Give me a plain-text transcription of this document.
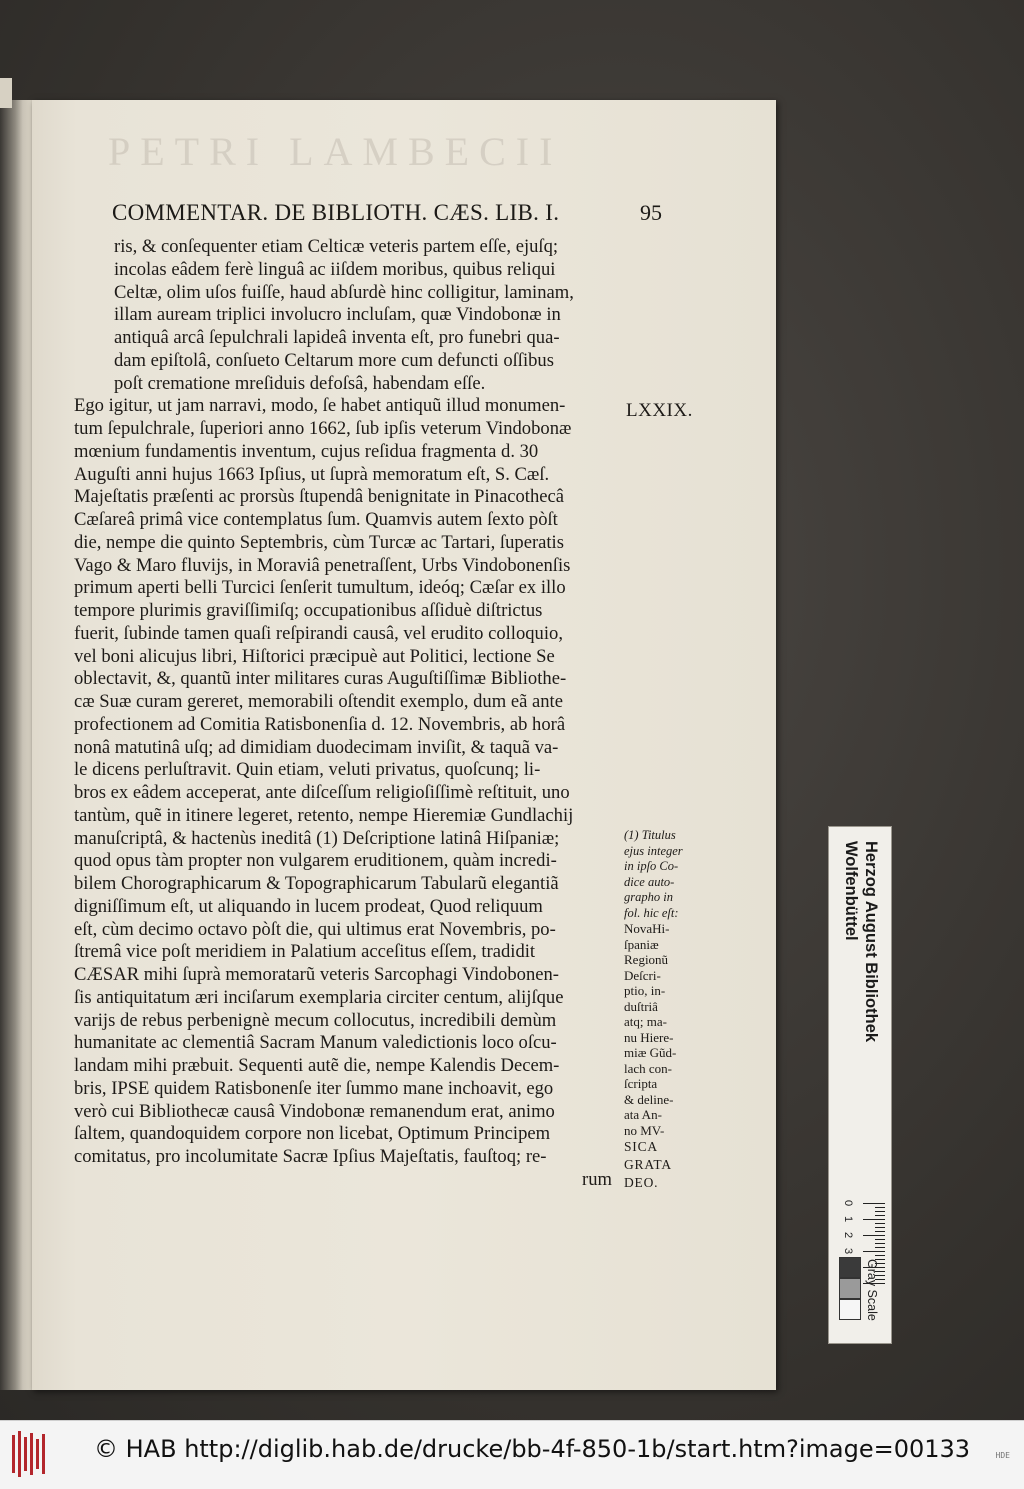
PETRI LAMBECII
COMMENTAR. DE BIBLIOTH. CÆS. LIB. I.	95
ris, & conſequenter etiam Celticæ veteris partem eſſe, ejuſq;
incolas eâdem ferè linguâ ac iiſdem moribus, quibus reliqui
Celtæ, olim uſos fuiſſe, haud abſurdè hinc colligitur, laminam,
illam auream triplici involucro incluſam, quæ Vindobonæ in
antiquâ arcâ ſepulchrali lapideâ inventa eſt, pro funebri qua-
dam epiſtolâ, conſueto Celtarum more cum defuncti oſſibus
poſt crematione mreſiduis defoſsâ, habendam eſſe.
Ego igitur, ut jam narravi, modo, ſe habet antiquũ illud monumen-
tum ſepulchrale, ſuperiori anno 1662, ſub ipſis veterum Vindobonæ
mœnium fundamentis inventum, cujus reſidua fragmenta d. 30
Auguſti anni hujus 1663 Ipſius, ut ſuprà memoratum eſt, S. Cæſ.
Majeſtatis præſenti ac prorsùs ſtupendâ benignitate in Pinacothecâ
Cæſareâ primâ vice contemplatus ſum. Quamvis autem ſexto pòſt
die, nempe die quinto Septembris, cùm Turcæ ac Tartari, ſuperatis
Vago & Maro fluvijs, in Moraviâ penetraſſent, Urbs Vindobonenſis
primum aperti belli Turcici ſenſerit tumultum, ideóq; Cæſar ex illo
tempore plurimis graviſſimiſq; occupationibus aſſiduè diſtrictus
fuerit, ſubinde tamen quaſi reſpirandi causâ, vel erudito colloquio,
vel boni alicujus libri, Hiſtorici præcipuè aut Politici, lectione Se
oblectavit, &, quantũ inter militares curas Auguſtiſſimæ Bibliothe-
cæ Suæ curam gereret, memorabili oſtendit exemplo, dum eã ante
profectionem ad Comitia Ratisbonenſia d. 12. Novembris, ab horâ
nonâ matutinâ uſq; ad dimidiam duodecimam inviſit, & taquã va-
le dicens perluſtravit. Quin etiam, veluti privatus, quoſcunq; li-
bros ex eâdem acceperat, ante diſceſſum religioſiſſimè reſtituit, uno
tantùm, quẽ in itinere legeret, retento, nempe Hieremiæ Gundlachij
manuſcriptâ, & hactenùs ineditâ (1) Deſcriptione latinâ Hiſpaniæ;
quod opus tàm propter non vulgarem eruditionem, quàm incredi-
bilem Chorographicarum & Topographicarum Tabularũ elegantiã
digniſſimum eſt, ut aliquando in lucem prodeat, Quod reliquum
eſt, cùm decimo octavo pòſt die, qui ultimus erat Novembris, po-
ſtremâ vice poſt meridiem in Palatium acceſitus eſſem, tradidit
CÆSAR mihi ſuprà memoratarũ veteris Sarcophagi Vindobonen-
ſis antiquitatum æri inciſarum exemplaria circiter centum, alijſque
varijs de rebus perbenignè mecum collocutus, incredibili demùm
humanitate ac clementiâ Sacram Manum valedictionis loco oſcu-
landam mihi præbuit. Sequenti autẽ die, nempe Kalendis Decem-
bris, IPSE quidem Ratisbonenſe iter ſummo mane inchoavit, ego
verò cui Bibliothecæ causâ Vindobonæ remanendum erat, animo
ſaltem, quandoquidem corpore non licebat, Optimum Principem
comitatus, pro incolumitate Sacræ Ipſius Majeſtatis, fauſtoq; re-
rum
LXXIX.
(1) Titulus
ejus integer
in ipſo Co-
dice auto-
grapho in
fol. hic eſt:
NovaHi-
ſpaniæ
Regionũ
Deſcri-
ptio, in-
duſtriâ
atq; ma-
nu Hiere-
miæ Gũd-
lach con-
ſcripta
& deline-
ata An-
no MV-
SICA
GRATA
DEO.
Herzog August Bibliothek
Wolfenbüttel
0
1
2
3
Gray Scale
© HAB http://diglib.hab.de/drucke/bb-4f-850-1b/start.htm?image=00133	HDE
